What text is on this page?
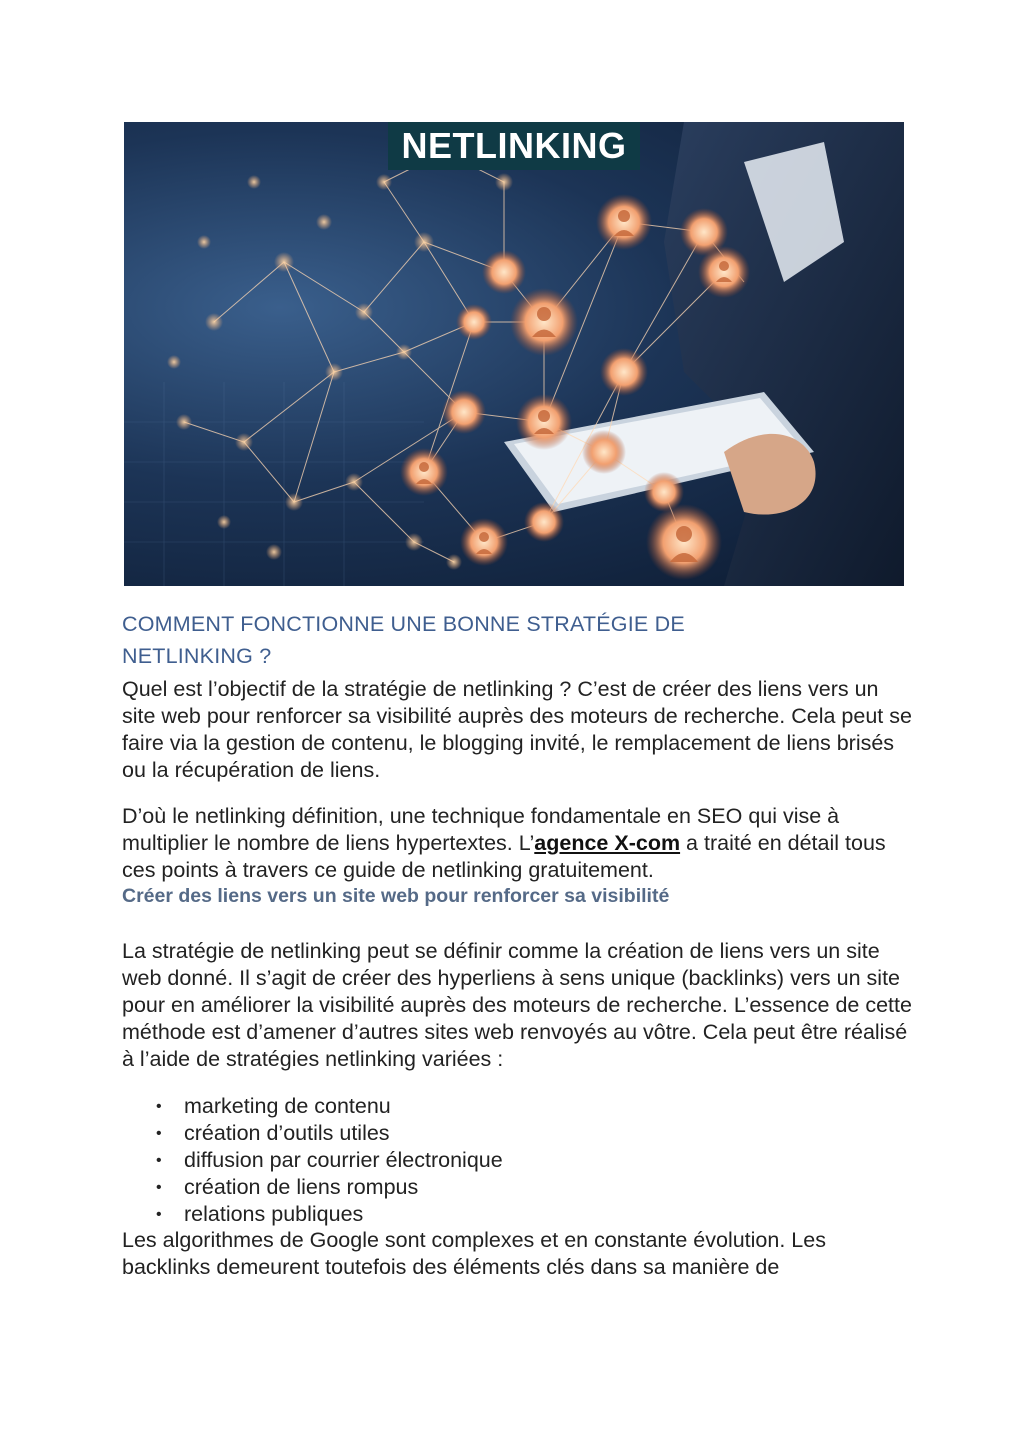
NETLINKING
COMMENT FONCTIONNE UNE BONNE STRATÉGIE DE
NETLINKING ?

Quel est l’objectif de la stratégie de netlinking ? C’est de créer des liens vers un site web pour renforcer sa visibilité auprès des moteurs de recherche. Cela peut se faire via la gestion de contenu, le blogging invité, le remplacement de liens brisés ou la récupération de liens.

D’où le netlinking définition, une technique fondamentale en SEO qui vise à multiplier le nombre de liens hypertextes. L’agence X-com a traité en détail tous ces points à travers ce guide de netlinking gratuitement.

Créer des liens vers un site web pour renforcer sa visibilité

La stratégie de netlinking peut se définir comme la création de liens vers un site web donné. Il s’agit de créer des hyperliens à sens unique (backlinks) vers un site pour en améliorer la visibilité auprès des moteurs de recherche. L’essence de cette méthode est d’amener d’autres sites web renvoyés au vôtre. Cela peut être réalisé à l’aide de stratégies netlinking variées :

• marketing de contenu
• création d’outils utiles
• diffusion par courrier électronique
• création de liens rompus
• relations publiques

Les algorithmes de Google sont complexes et en constante évolution. Les backlinks demeurent toutefois des éléments clés dans sa manière de
